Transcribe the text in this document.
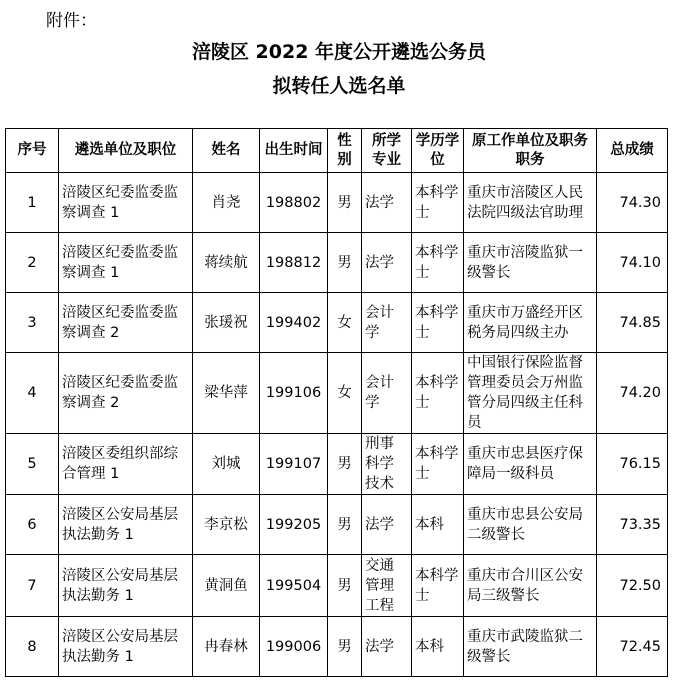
附件：
涪陵区 2022 年度公开遴选公务员
拟转任人选名单
序号	遴选单位及职位	姓名	出生时间	性别	所学专业	学历学位	原工作单位及职务职务	总成绩
1	涪陵区纪委监委监察调查 1	肖尧	198802	男	法学	本科学士	重庆市涪陵区人民法院四级法官助理	74.30
2	涪陵区纪委监委监察调查 1	蒋续航	198812	男	法学	本科学士	重庆市涪陵监狱一级警长	74.10
3	涪陵区纪委监委监察调查 2	张瑗祝	199402	女	会计学	本科学士	重庆市万盛经开区税务局四级主办	74.85
4	涪陵区纪委监委监察调查 2	梁华萍	199106	女	会计学	本科学士	中国银行保险监督管理委员会万州监管分局四级主任科员	74.20
5	涪陵区委组织部综合管理 1	刘城	199107	男	刑事科学技术	本科学士	重庆市忠县医疗保障局一级科员	76.15
6	涪陵区公安局基层执法勤务 1	李京松	199205	男	法学	本科	重庆市忠县公安局二级警长	73.35
7	涪陵区公安局基层执法勤务 1	黄洞鱼	199504	男	交通管理工程	本科学士	重庆市合川区公安局三级警长	72.50
8	涪陵区公安局基层执法勤务 1	冉春林	199006	男	法学	本科	重庆市武陵监狱二级警长	72.45
